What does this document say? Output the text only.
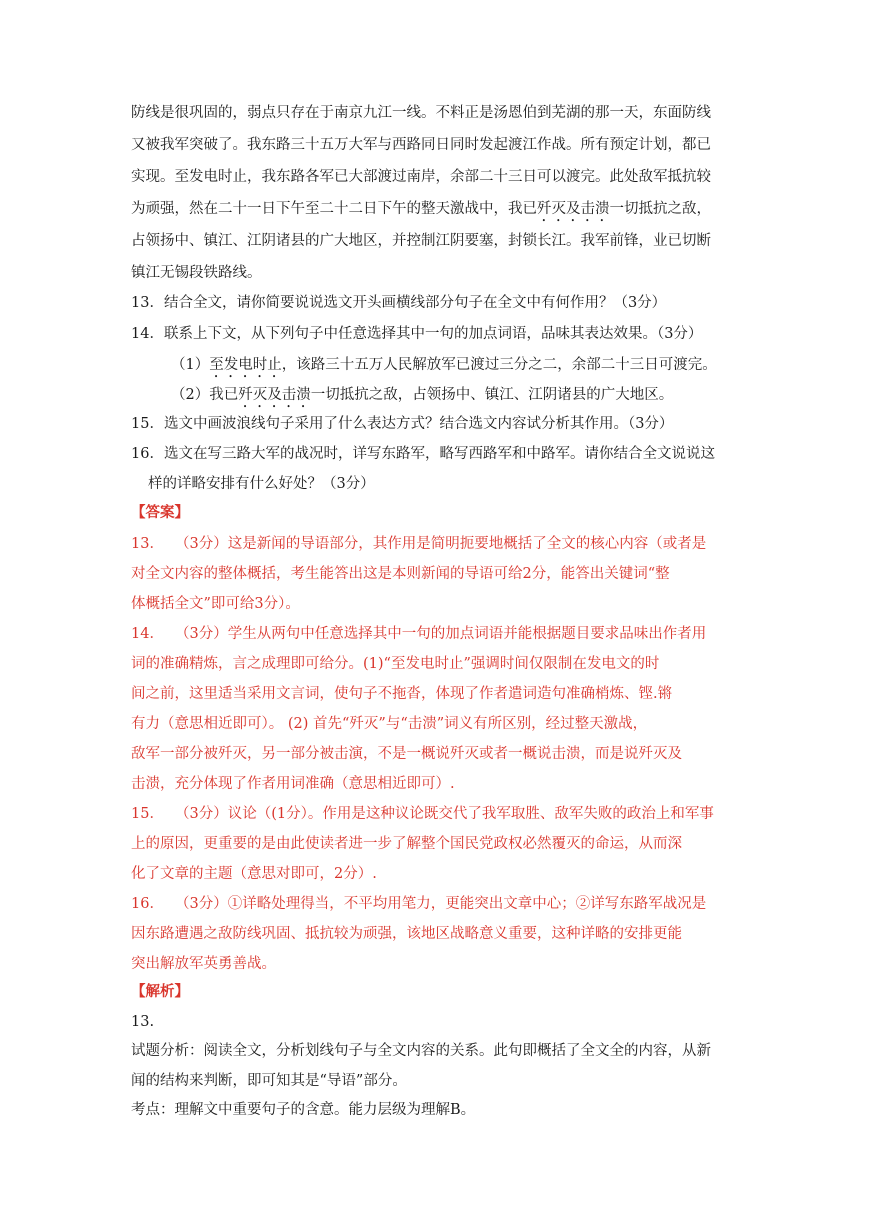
防线是很巩固的，弱点只存在于南京九江一线。不料正是汤恩伯到芜湖的那一天，东面防线
又被我军突破了。我东路三十五万大军与西路同日同时发起渡江作战。所有预定计划，都已
实现。至发电时止，我东路各军已大部渡过南岸，余部二十三日可以渡完。此处敌军抵抗较
为顽强，然在二十一日下午至二十二日下午的整天激战中，我已歼灭及击溃一切抵抗之敌，
占领扬中、镇江、江阴诸县的广大地区，并控制江阴要塞，封锁长江。我军前锋，业已切断
镇江无锡段铁路线。
13．结合全文，请你简要说说选文开头画横线部分句子在全文中有何作用？（3分）
14．联系上下文，从下列句子中任意选择其中一句的加点词语，品味其表达效果。（3分）
（1）至发电时止，该路三十五万人民解放军已渡过三分之二，余部二十三日可渡完。
（2）我已歼灭及击溃一切抵抗之敌，占领扬中、镇江、江阴诸县的广大地区。
15．选文中画波浪线句子采用了什么表达方式？结合选文内容试分析其作用。（3分）
16．选文在写三路大军的战况时，详写东路军，略写西路军和中路军。请你结合全文说说这
样的详略安排有什么好处？（3分）
【答案】
13． （3分）这是新闻的导语部分，其作用是简明扼要地概括了全文的核心内容（或者是
对全文内容的整体概括，考生能答出这是本则新闻的导语可给2分，能答出关键词“整
体概括全文”即可给3分）。
14． （3分）学生从两句中任意选择其中一句的加点词语并能根据题目要求品味出作者用
词的准确精炼，言之成理即可给分。(1)“至发电时止”强调时间仅限制在发电文的时
间之前，这里适当采用文言词，使句子不拖沓，体现了作者遣词造句准确梢炼、铿.锵
有力（意思相近即可）。 (2) 首先“歼灭”与“击溃”词义有所区别，经过整天激战，
敌军一部分被歼灭，另一部分被击演，不是一概说歼灭或者一概说击溃，而是说歼灭及
击溃，充分体现了作者用词准确（意思相近即可）.
15． （3分）议论（(1分）。作用是这种议论既交代了我军取胜、敌军失败的政治上和军事
上的原因，更重要的是由此使读者进一步了解整个国民党政权必然覆灭的命运，从而深
化了文章的主题（意思对即可，2分）.
16． （3分）①详略处理得当，不平均用笔力，更能突出文章中心；②详写东路军战况是
因东路遭遇之敌防线巩固、抵抗较为顽强，该地区战略意义重要，这种详略的安排更能
突出解放军英勇善战。
【解析】
13.
试题分析：阅读全文，分析划线句子与全文内容的关系。此句即概括了全文全的内容，从新
闻的结构来判断，即可知其是“导语”部分。
考点：理解文中重要句子的含意。能力层级为理解B。
